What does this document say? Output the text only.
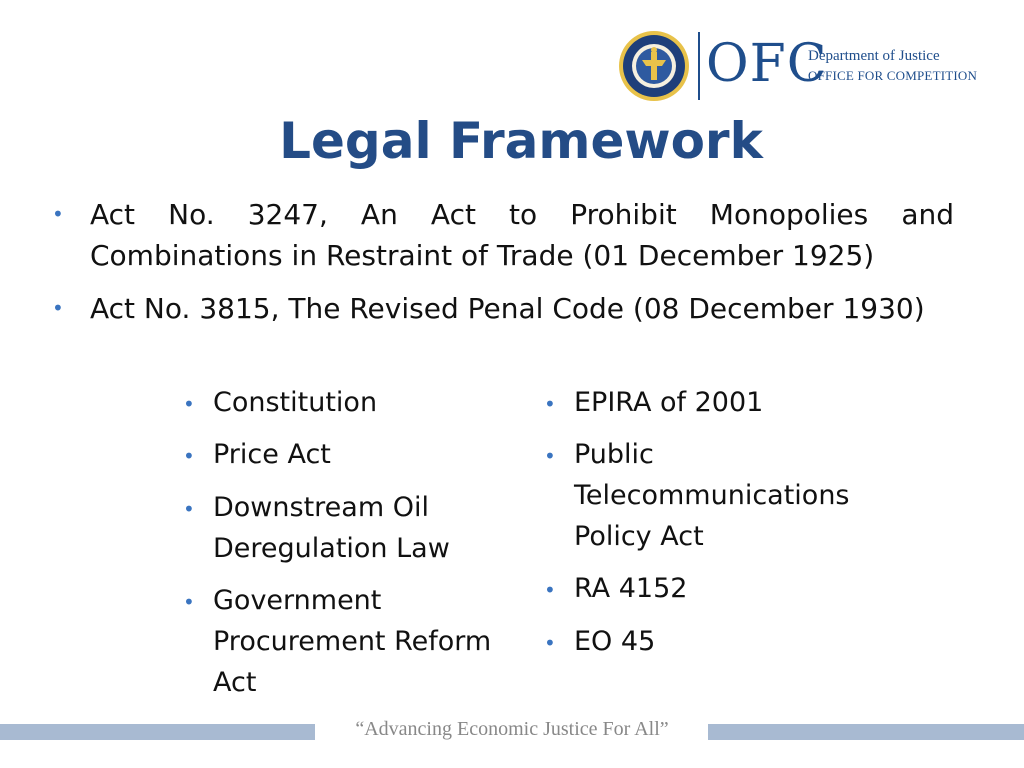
OFC
Department of Justice
OFFICE FOR COMPETITION
Legal Framework
• Act No. 3247, An Act to Prohibit Monopolies and Combinations in Restraint of Trade (01 December 1925)
• Act No. 3815, The Revised Penal Code (08 December 1930)
• Constitution
• Price Act
• Downstream Oil Deregulation Law
• Government Procurement Reform Act
• EPIRA of 2001
• Public Telecommunications Policy Act
• RA 4152
• EO 45
“Advancing Economic Justice For All”
